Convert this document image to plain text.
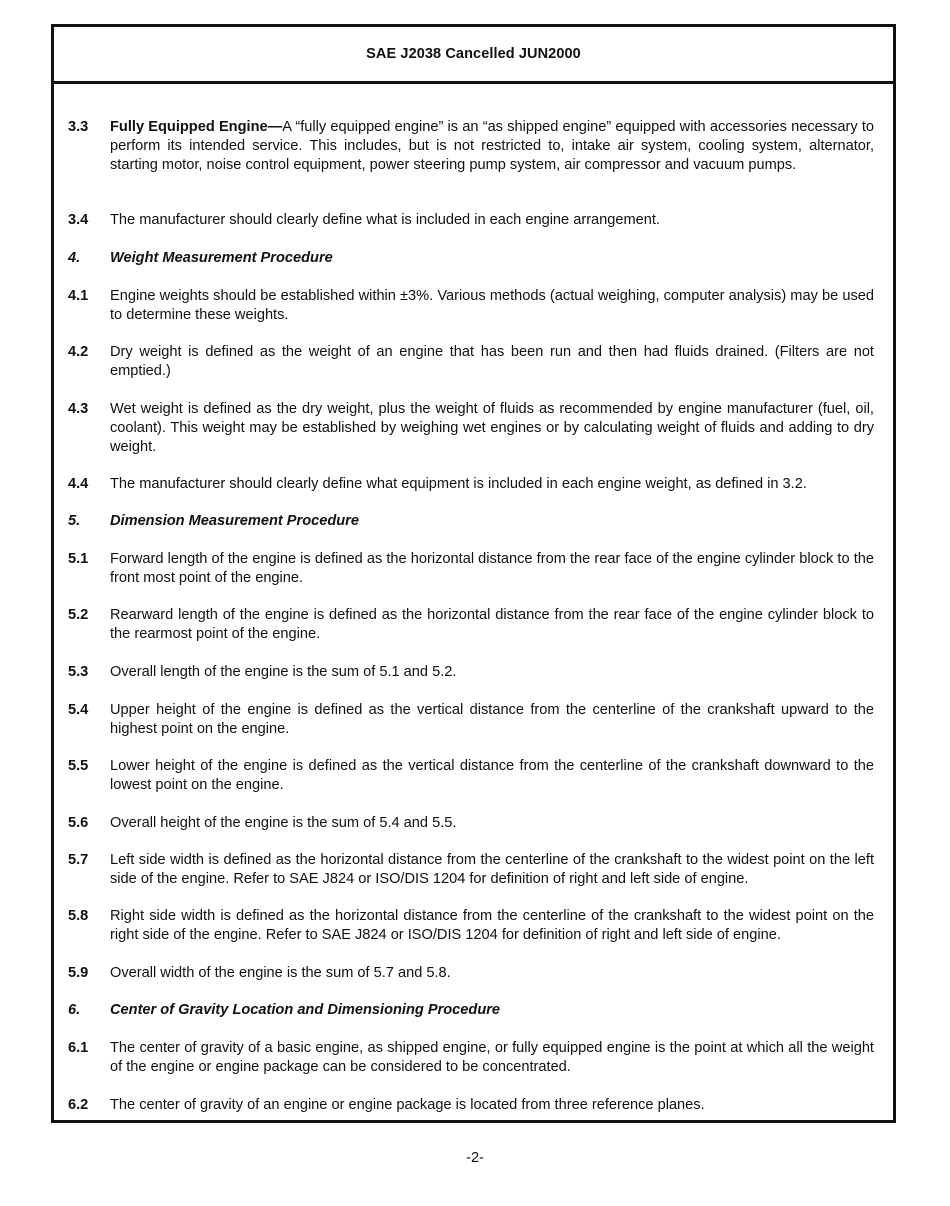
SAE J2038 Cancelled JUN2000
3.3	Fully Equipped Engine—A “fully equipped engine” is an “as shipped engine” equipped with accessories necessary to perform its intended service. This includes, but is not restricted to, intake air system, cooling system, alternator, starting motor, noise control equipment, power steering pump system, air compressor and vacuum pumps.
3.4	The manufacturer should clearly define what is included in each engine arrangement.
4.	Weight Measurement Procedure
4.1	Engine weights should be established within ±3%. Various methods (actual weighing, computer analysis) may be used to determine these weights.
4.2	Dry weight is defined as the weight of an engine that has been run and then had fluids drained. (Filters are not emptied.)
4.3	Wet weight is defined as the dry weight, plus the weight of fluids as recommended by engine manufacturer (fuel, oil, coolant). This weight may be established by weighing wet engines or by calculating weight of fluids and adding to dry weight.
4.4	The manufacturer should clearly define what equipment is included in each engine weight, as defined in 3.2.
5.	Dimension Measurement Procedure
5.1	Forward length of the engine is defined as the horizontal distance from the rear face of the engine cylinder block to the front most point of the engine.
5.2	Rearward length of the engine is defined as the horizontal distance from the rear face of the engine cylinder block to the rearmost point of the engine.
5.3	Overall length of the engine is the sum of 5.1 and 5.2.
5.4	Upper height of the engine is defined as the vertical distance from the centerline of the crankshaft upward to the highest point on the engine.
5.5	Lower height of the engine is defined as the vertical distance from the centerline of the crankshaft downward to the lowest point on the engine.
5.6	Overall height of the engine is the sum of 5.4 and 5.5.
5.7	Left side width is defined as the horizontal distance from the centerline of the crankshaft to the widest point on the left side of the engine. Refer to SAE J824 or ISO/DIS 1204 for definition of right and left side of engine.
5.8	Right side width is defined as the horizontal distance from the centerline of the crankshaft to the widest point on the right side of the engine. Refer to SAE J824 or ISO/DIS 1204 for definition of right and left side of engine.
5.9	Overall width of the engine is the sum of 5.7 and 5.8.
6.	Center of Gravity Location and Dimensioning Procedure
6.1	The center of gravity of a basic engine, as shipped engine, or fully equipped engine is the point at which all the weight of the engine or engine package can be considered to be concentrated.
6.2	The center of gravity of an engine or engine package is located from three reference planes.
-2-
